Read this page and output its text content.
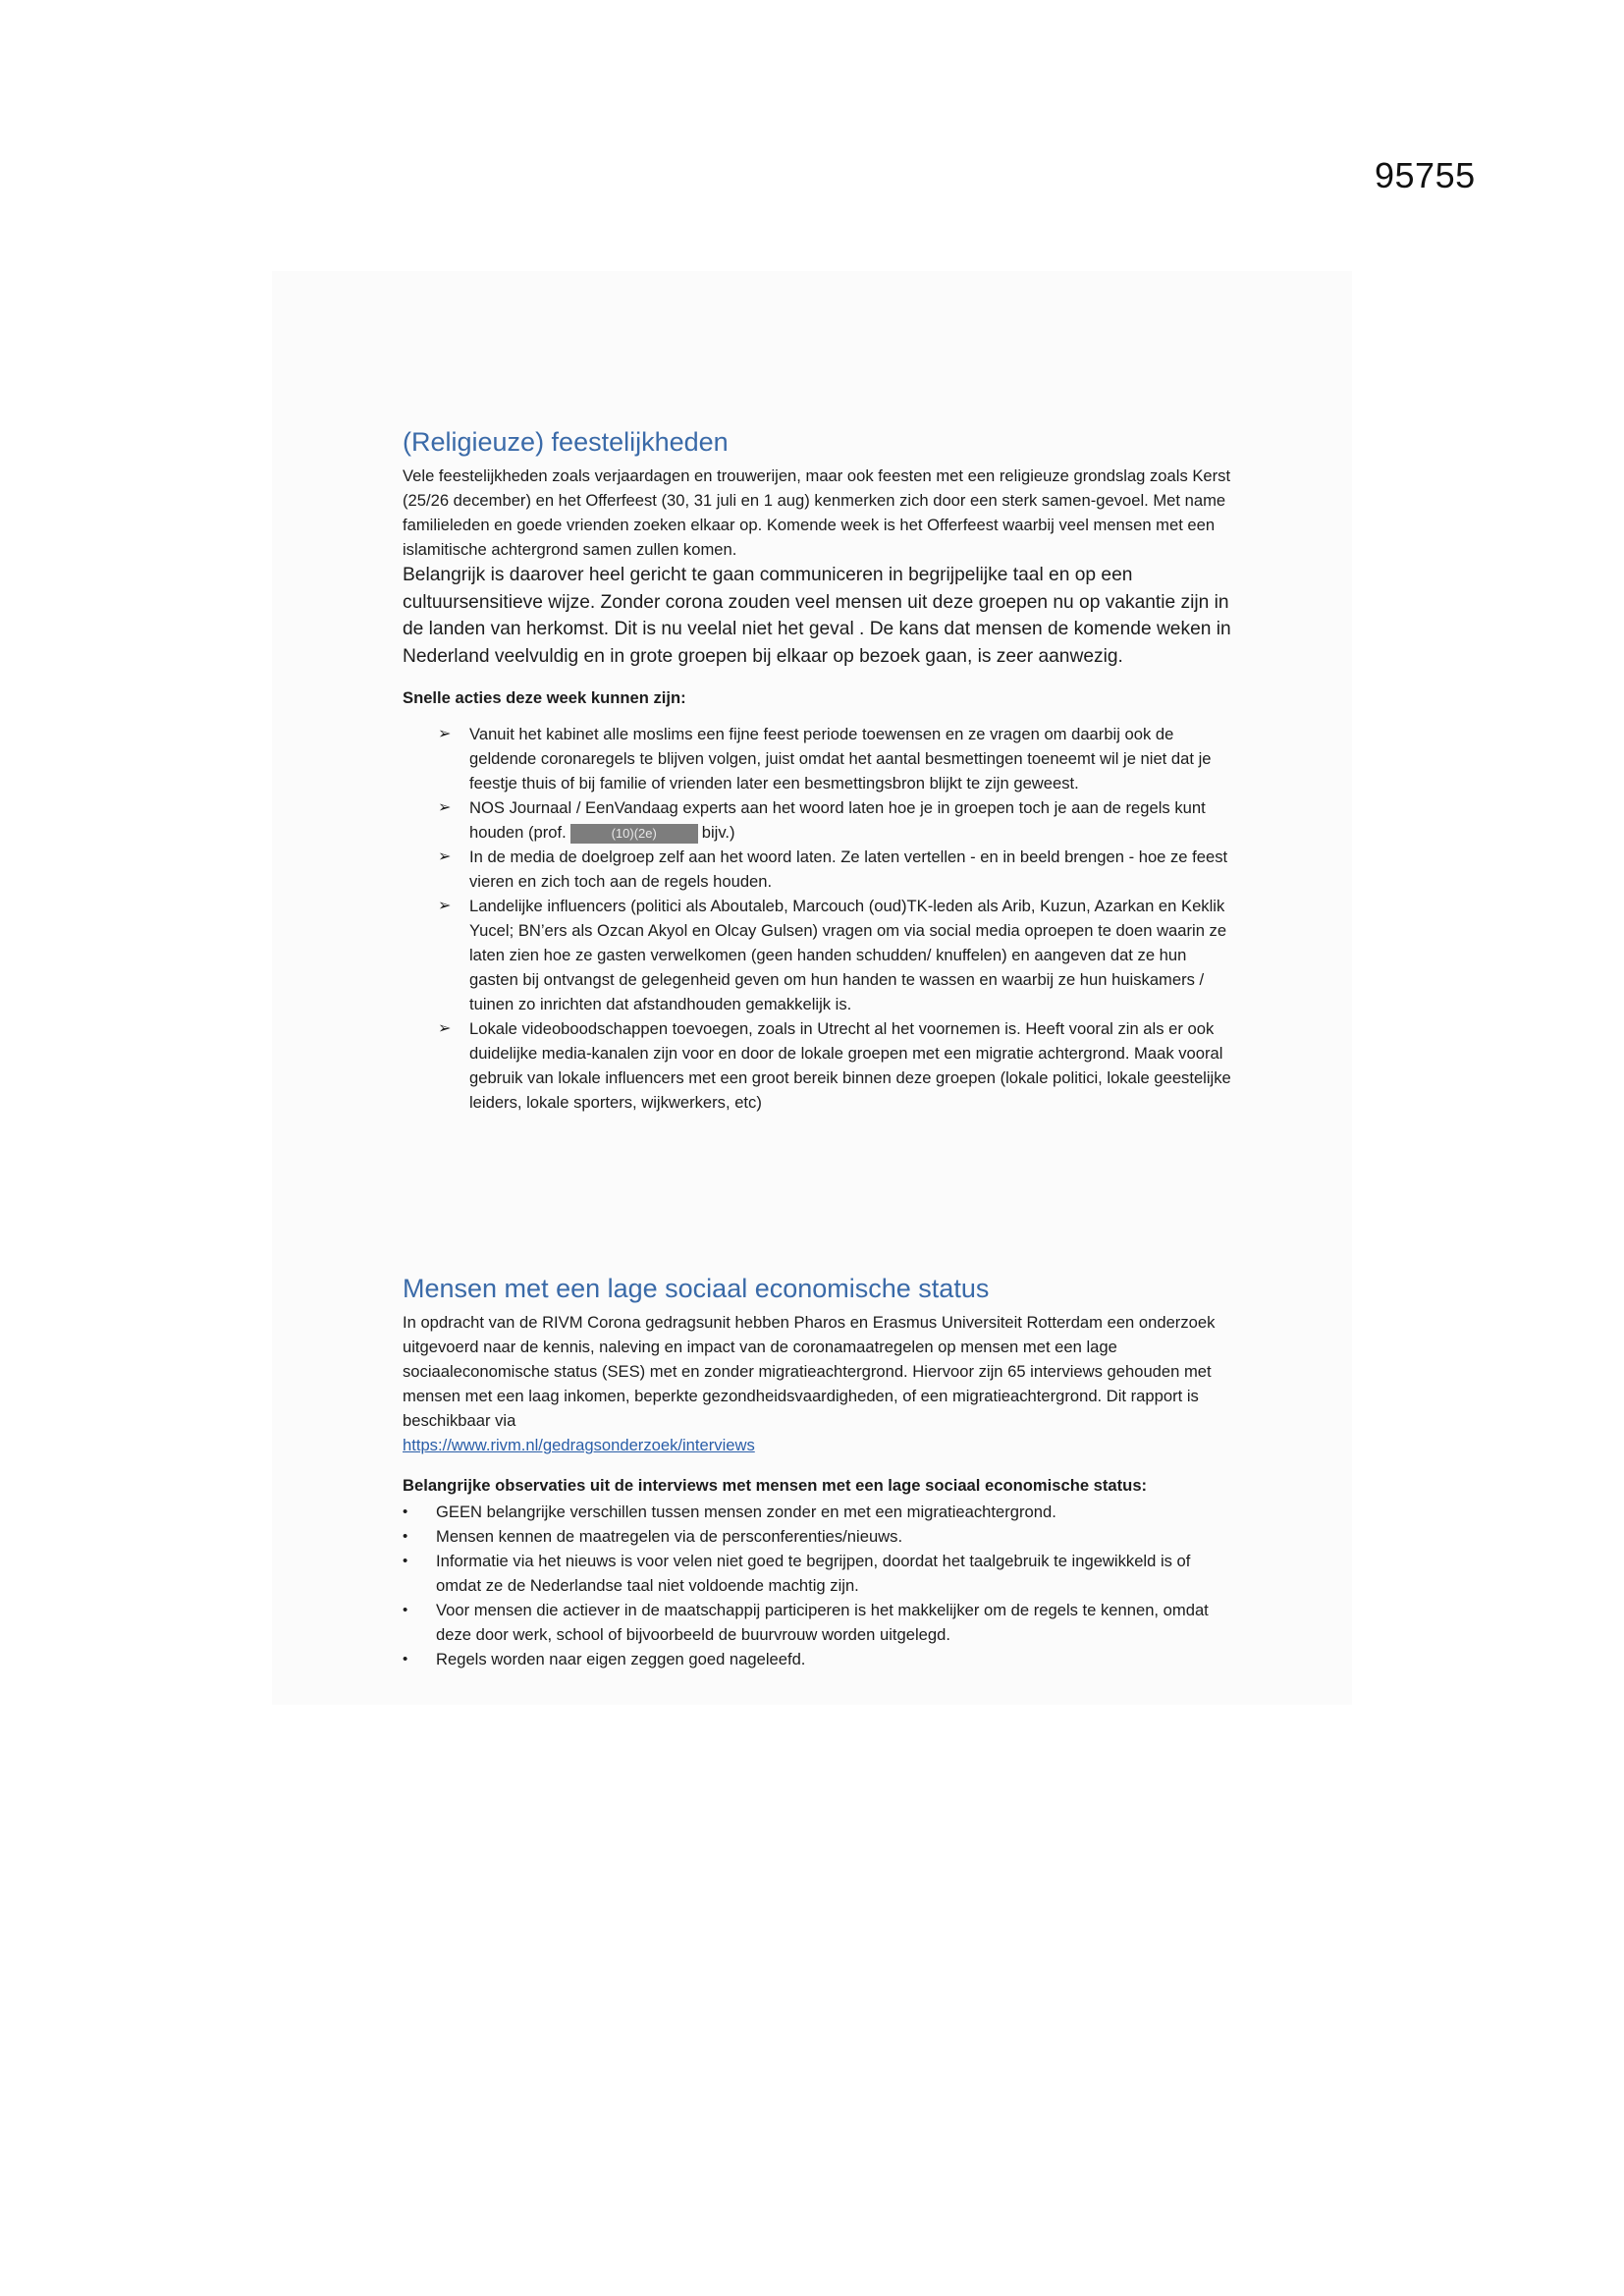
95755
(Religieuze) feestelijkheden

Vele feestelijkheden zoals verjaardagen en trouwerijen, maar ook feesten met een religieuze grondslag zoals Kerst (25/26 december) en het Offerfeest (30, 31 juli en 1 aug) kenmerken zich door een sterk samen-gevoel. Met name familieleden en goede vrienden zoeken elkaar op. Komende week is het Offerfeest waarbij veel mensen met een islamitische achtergrond samen zullen komen.

Belangrijk is daarover heel gericht te gaan communiceren in begrijpelijke taal en op een cultuursensitieve wijze. Zonder corona zouden veel mensen uit deze groepen nu op vakantie zijn in de landen van herkomst. Dit is nu veelal niet het geval . De kans dat mensen de komende weken in Nederland veelvuldig en in grote groepen bij elkaar op bezoek gaan, is zeer aanwezig.

Snelle acties deze week kunnen zijn:

➢ Vanuit het kabinet alle moslims een fijne feest periode toewensen en ze vragen om daarbij ook de geldende coronaregels te blijven volgen, juist omdat het aantal besmettingen toeneemt wil je niet dat je feestje thuis of bij familie of vrienden later een besmettingsbron blijkt te zijn geweest.
➢ NOS Journaal / EenVandaag experts aan het woord laten hoe je in groepen toch je aan de regels kunt houden (prof.	(10)(2e)	bijv.)
➢ In de media de doelgroep zelf aan het woord laten. Ze laten vertellen - en in beeld brengen - hoe ze feest vieren en zich toch aan de regels houden.
➢ Landelijke influencers (politici als Aboutaleb, Marcouch (oud)TK-leden als Arib, Kuzun, Azarkan en Keklik Yucel; BN’ers als Ozcan Akyol en Olcay Gulsen) vragen om via social media oproepen te doen waarin ze laten zien hoe ze gasten verwelkomen (geen handen schudden/ knuffelen) en aangeven dat ze hun gasten bij ontvangst de gelegenheid geven om hun handen te wassen en waarbij ze hun huiskamers / tuinen zo inrichten dat afstandhouden gemakkelijk is.
➢ Lokale videoboodschappen toevoegen, zoals in Utrecht al het voornemen is. Heeft vooral zin als er ook duidelijke media-kanalen zijn voor en door de lokale groepen met een migratie achtergrond. Maak vooral gebruik van lokale influencers met een groot bereik binnen deze groepen (lokale politici, lokale geestelijke leiders, lokale sporters, wijkwerkers, etc)
Mensen met een lage sociaal economische status

In opdracht van de RIVM Corona gedragsunit hebben Pharos en Erasmus Universiteit Rotterdam een onderzoek uitgevoerd naar de kennis, naleving en impact van de coronamaatregelen op mensen met een lage sociaaleconomische status (SES) met en zonder migratieachtergrond. Hiervoor zijn 65 interviews gehouden met mensen met een laag inkomen, beperkte gezondheidsvaardigheden, of een migratieachtergrond. Dit rapport is beschikbaar via
https://www.rivm.nl/gedragsonderzoek/interviews

Belangrijke observaties uit de interviews met mensen met een lage sociaal economische status:

• GEEN belangrijke verschillen tussen mensen zonder en met een migratieachtergrond.
• Mensen kennen de maatregelen via de persconferenties/nieuws.
• Informatie via het nieuws is voor velen niet goed te begrijpen, doordat het taalgebruik te ingewikkeld is of omdat ze de Nederlandse taal niet voldoende machtig zijn.
• Voor mensen die actiever in de maatschappij participeren is het makkelijker om de regels te kennen, omdat deze door werk, school of bijvoorbeeld de buurvrouw worden uitgelegd.
• Regels worden naar eigen zeggen goed nageleefd.
